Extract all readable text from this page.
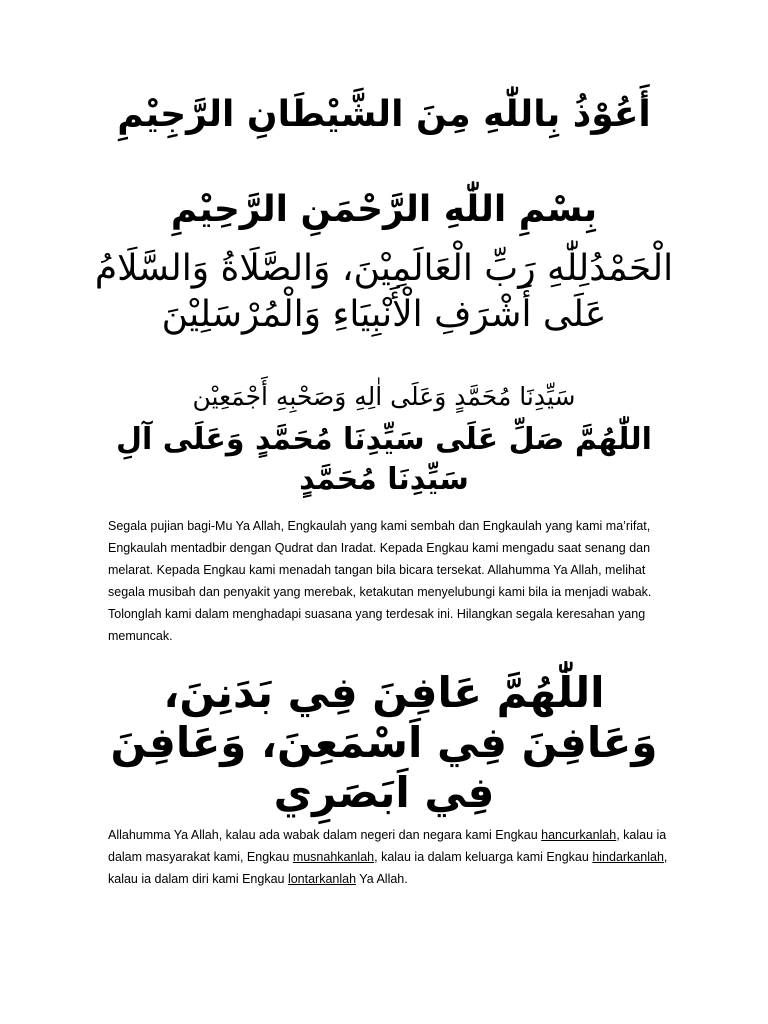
أَعُوْذُ بِاللّٰهِ مِنَ الشَّيْطَانِ الرَّجِيْمِ

بِسْمِ اللّٰهِ الرَّحْمَنِ الرَّحِيْمِ

الْحَمْدُلِلّٰهِ رَبِّ الْعَالَمِيْنَ، وَالصَّلَاةُ وَالسَّلَامُ عَلَى أَشْرَفِ الْأَنْبِيَاءِ وَالْمُرْسَلِيْنَ

سَيِّدِنَا مُحَمَّدٍ وَعَلَى اٰلِهِ وَصَحْبِهِ أَجْمَعِيْن

اللّٰهُمَّ صَلِّ عَلَى سَيِّدِنَا مُحَمَّدٍ وَعَلَى آلِ سَيِّدِنَا مُحَمَّدٍ

Segala pujian bagi-Mu Ya Allah, Engkaulah yang kami sembah dan Engkaulah yang kami ma’rifat, Engkaulah mentadbir dengan Qudrat dan Iradat. Kepada Engkau kami mengadu saat senang dan melarat. Kepada Engkau kami menadah tangan bila bicara tersekat. Allahumma Ya Allah, melihat segala musibah dan penyakit yang merebak, ketakutan menyelubungi kami bila ia menjadi wabak. Tolonglah kami dalam menghadapi suasana yang terdesak ini. Hilangkan segala keresahan yang memuncak.

اللّٰهُمَّ عَافِنَ فِي بَدَنِنَ، وَعَافِنَ فِي اَسْمَعِنَ، وَعَافِنَ فِي اَبَصَرِي

Allahumma Ya Allah, kalau ada wabak dalam negeri dan negara kami Engkau hancurkanlah, kalau ia dalam masyarakat kami, Engkau musnahkanlah, kalau ia dalam keluarga kami Engkau hindarkanlah, kalau ia dalam diri kami Engkau lontarkanlah Ya Allah.
